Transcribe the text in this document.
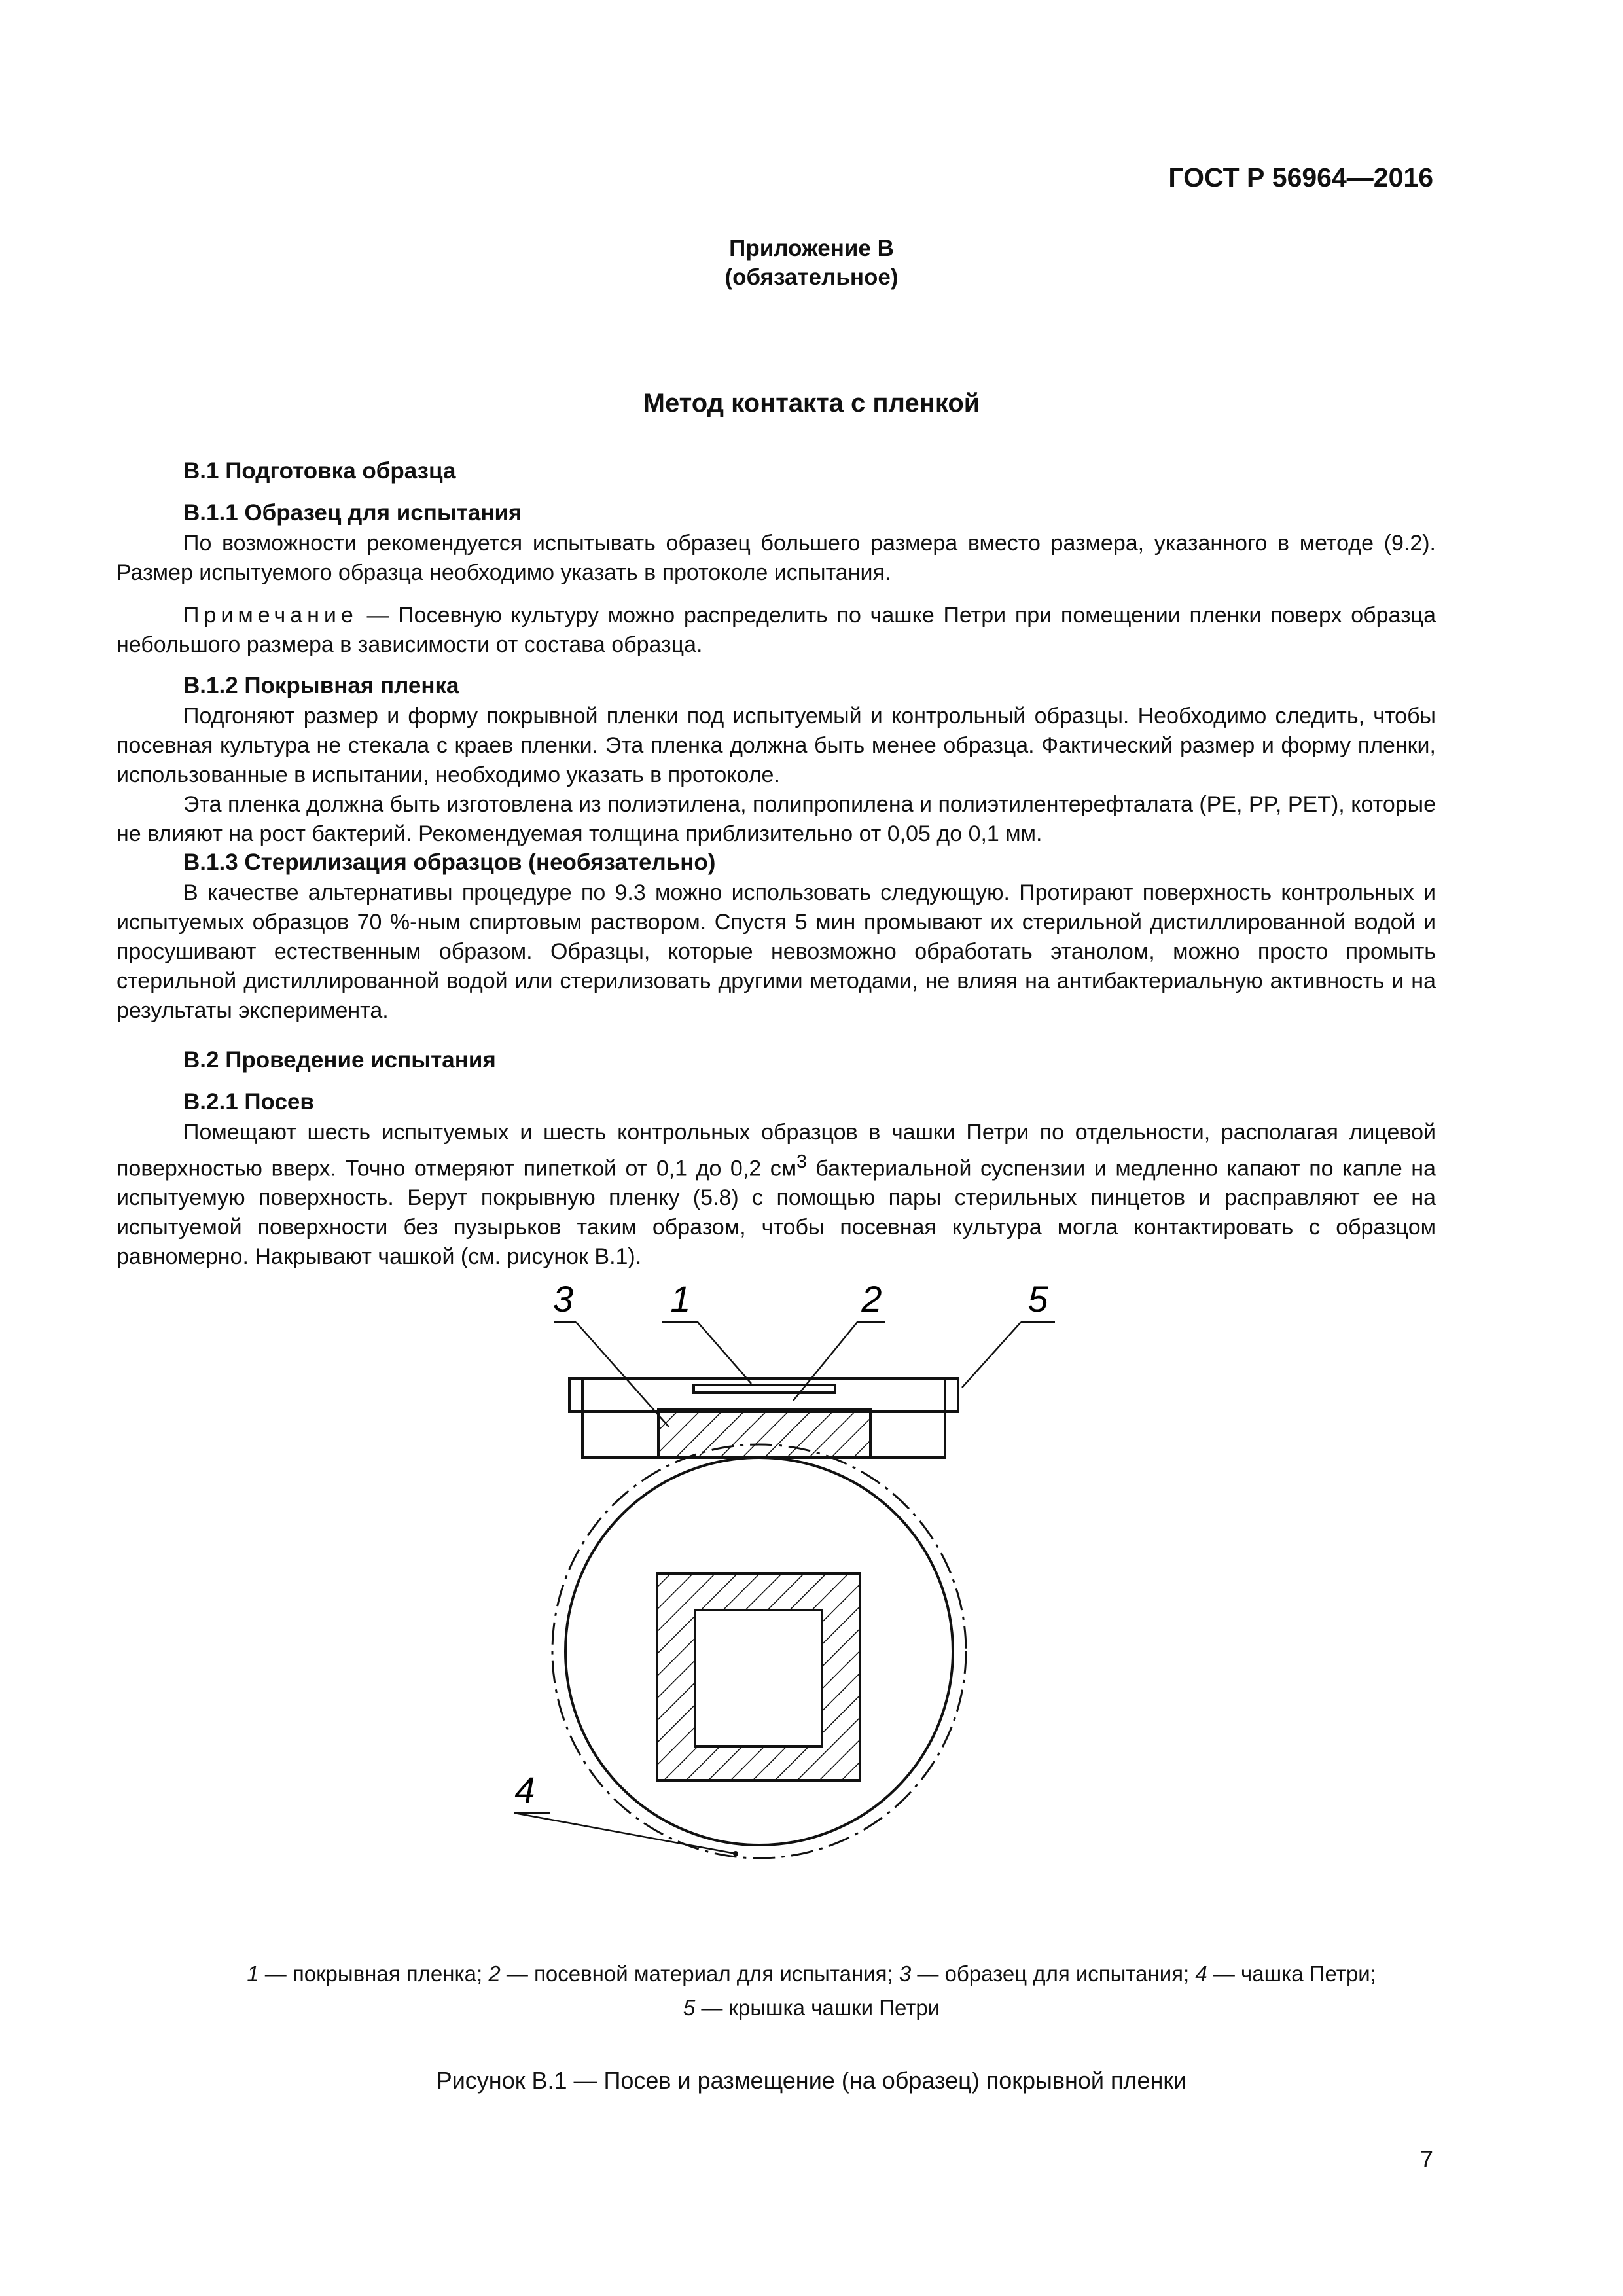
ГОСТ Р 56964—2016
Приложение В
(обязательное)
Метод контакта с пленкой
В.1 Подготовка образца
В.1.1 Образец для испытания

По возможности рекомендуется испытывать образец большего размера вместо размера, указанного в методе (9.2). Размер испытуемого образца необходимо указать в протоколе испытания.

Примечание — Посевную культуру можно распределить по чашке Петри при помещении пленки поверх образца небольшого размера в зависимости от состава образца.

В.1.2 Покрывная пленка

Подгоняют размер и форму покрывной пленки под испытуемый и контрольный образцы. Необходимо следить, чтобы посевная культура не стекала с краев пленки. Эта пленка должна быть менее образца. Фактический размер и форму пленки, использованные в испытании, необходимо указать в протоколе.

Эта пленка должна быть изготовлена из полиэтилена, полипропилена и полиэтилентерефталата (PE, PP, PET), которые не влияют на рост бактерий. Рекомендуемая толщина приблизительно от 0,05 до 0,1 мм.

В.1.3 Стерилизация образцов (необязательно)

В качестве альтернативы процедуре по 9.3 можно использовать следующую. Протирают поверхность контрольных и испытуемых образцов 70 %-ным спиртовым раствором. Спустя 5 мин промывают их стерильной дистиллированной водой и просушивают естественным образом. Образцы, которые невозможно обработать этанолом, можно просто промыть стерильной дистиллированной водой или стерилизовать другими методами, не влияя на антибактериальную активность и на результаты эксперимента.

В.2 Проведение испытания
В.2.1 Посев

Помещают шесть испытуемых и шесть контрольных образцов в чашки Петри по отдельности, располагая лицевой поверхностью вверх. Точно отмеряют пипеткой от 0,1 до 0,2 $см^3$ бактериальной суспензии и медленно капают по капле на испытуемую поверхность. Берут покрывную пленку (5.8) с помощью пары стерильных пинцетов и расправляют ее на испытуемой поверхности без пузырьков таким образом, чтобы посевная культура могла контактировать с образцом равномерно. Накрывают чашкой (см. рисунок В.1).

3	1	2	5
4
1 — покрывная пленка; 2 — посевной материал для испытания; 3 — образец для испытания; 4 — чашка Петри;
5 — крышка чашки Петри
Рисунок В.1 — Посев и размещение (на образец) покрывной пленки
7
